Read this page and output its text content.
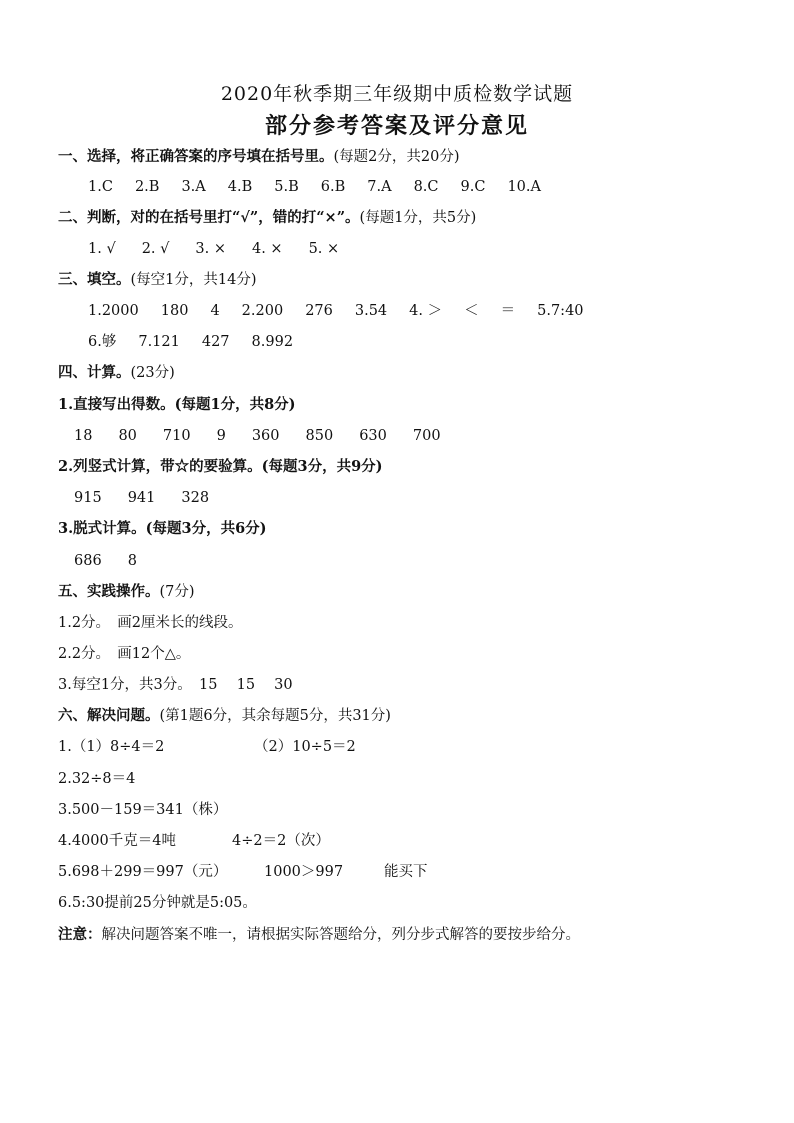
2020年秋季期三年级期中质检数学试题
部分参考答案及评分意见
一、选择，将正确答案的序号填在括号里。(每题2分，共20分)
1.C 2.B 3.A 4.B 5.B 6.B 7.A 8.C 9.C 10.A
二、判断，对的在括号里打“√”，错的打“×”。(每题1分，共5分)
1. √ 2. √ 3. × 4. × 5. ×
三、填空。(每空1分，共14分)
1.2000 180 4 2.200 276 3.54 4. ＞ ＜ ＝ 5.7:40
6.够 7.121 427 8.992
四、计算。(23分)
1.直接写出得数。(每题1分，共8分)
18 80 710 9 360 850 630 700
2.列竖式计算，带☆的要验算。(每题3分，共9分)
915 941 328
3.脱式计算。(每题3分，共6分)
686 8
五、实践操作。(7分)
1.2分。　画2厘米长的线段。
2.2分。　画12个△。
3.每空1分，共3分。　15　 15　 30
六、解决问题。(第1题6分，其余每题5分，共31分)
1.（1）8÷4＝2	（2）10÷5＝2
2.32÷8＝4
3.500－159＝341（株）
4.4000千克＝4吨	4÷2＝2（次）
5.698＋299＝997（元）	1000＞997	能买下
6.5:30提前25分钟就是5:05。
注意：解决问题答案不唯一，请根据实际答题给分，列分步式解答的要按步给分。
